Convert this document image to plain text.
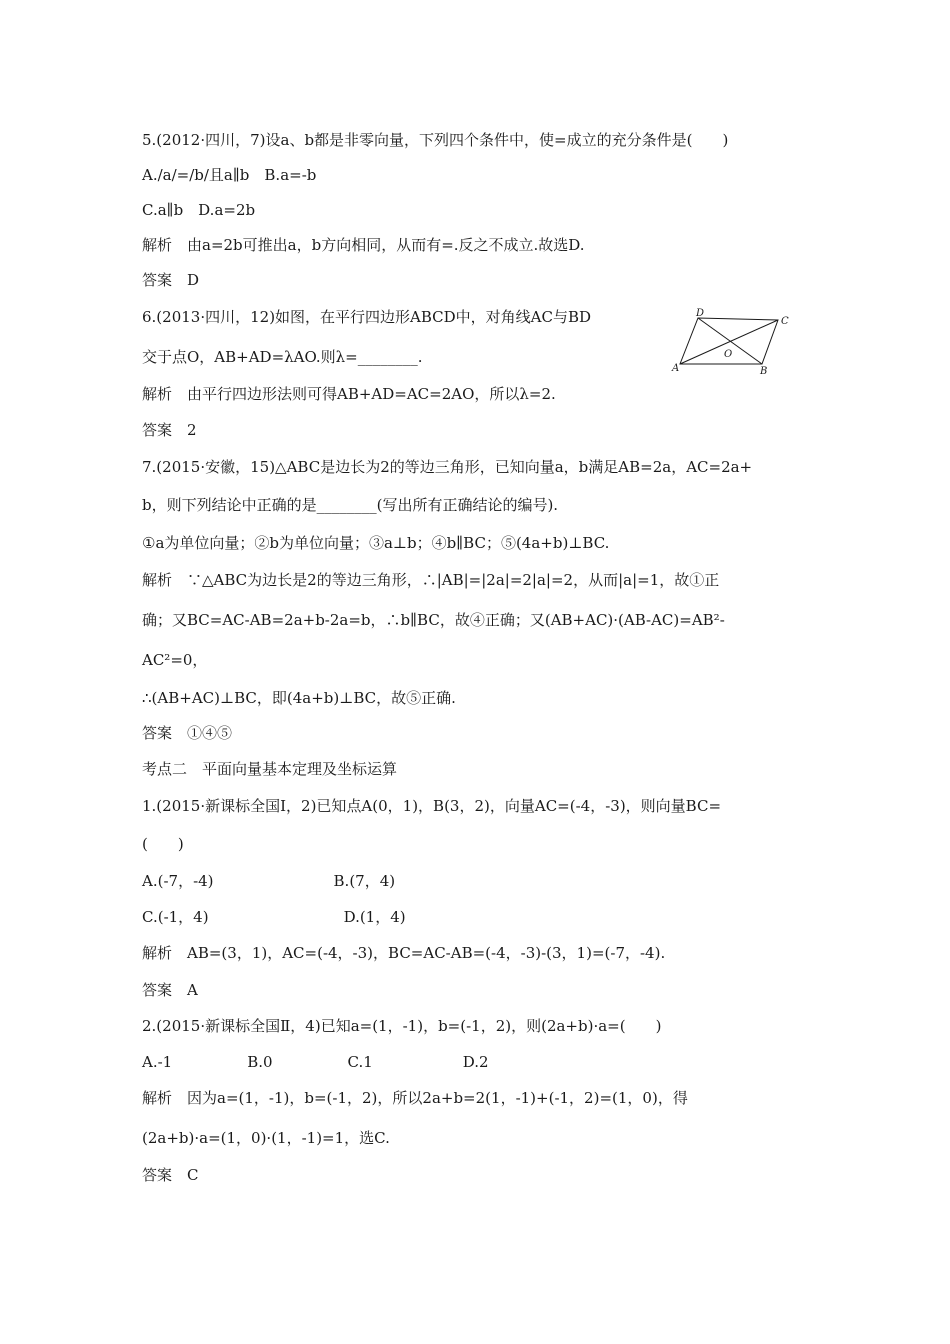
5.(2012·四川，7)设a、b都是非零向量，下列四个条件中，使=成立的充分条件是(　　)
A./a/=/b/且a∥b　B.a=-b
C.a∥b　D.a=2b
解析　由a=2b可推出a，b方向相同，从而有=.反之不成立.故选D.
答案　D
6.(2013·四川，12)如图，在平行四边形ABCD中，对角线AC与BD
交于点O，AB+AD=λAO.则λ=________.
解析　由平行四边形法则可得AB+AD=AC=2AO，所以λ=2.
答案　2
7.(2015·安徽，15)△ABC是边长为2的等边三角形，已知向量a，b满足AB=2a，AC=2a+
b，则下列结论中正确的是________(写出所有正确结论的编号).
①a为单位向量；②b为单位向量；③a⊥b；④b∥BC；⑤(4a+b)⊥BC.
解析　∵△ABC为边长是2的等边三角形，∴|AB|=|2a|=2|a|=2，从而|a|=1，故①正
确；又BC=AC-AB=2a+b-2a=b，∴b∥BC，故④正确；又(AB+AC)·(AB-AC)=AB²-
AC²=0，
∴(AB+AC)⊥BC，即(4a+b)⊥BC，故⑤正确.
答案　①④⑤
考点二　平面向量基本定理及坐标运算
1.(2015·新课标全国Ⅰ，2)已知点A(0，1)，B(3，2)，向量AC=(-4，-3)，则向量BC=
(　　)
A.(-7，-4)　　　　　　　　B.(7，4)
C.(-1，4)　　　　　　　　　D.(1，4)
解析　AB=(3，1)，AC=(-4，-3)，BC=AC-AB=(-4，-3)-(3，1)=(-7，-4).
答案　A
2.(2015·新课标全国Ⅱ，4)已知a=(1，-1)，b=(-1，2)，则(2a+b)·a=(　　)
A.-1　　　　　B.0　　　　　C.1　　　　　　D.2
解析　因为a=(1，-1)，b=(-1，2)，所以2a+b=2(1，-1)+(-1，2)=(1，0)，得
(2a+b)·a=(1，0)·(1，-1)=1，选C.
答案　C
D
C
A	B
O
